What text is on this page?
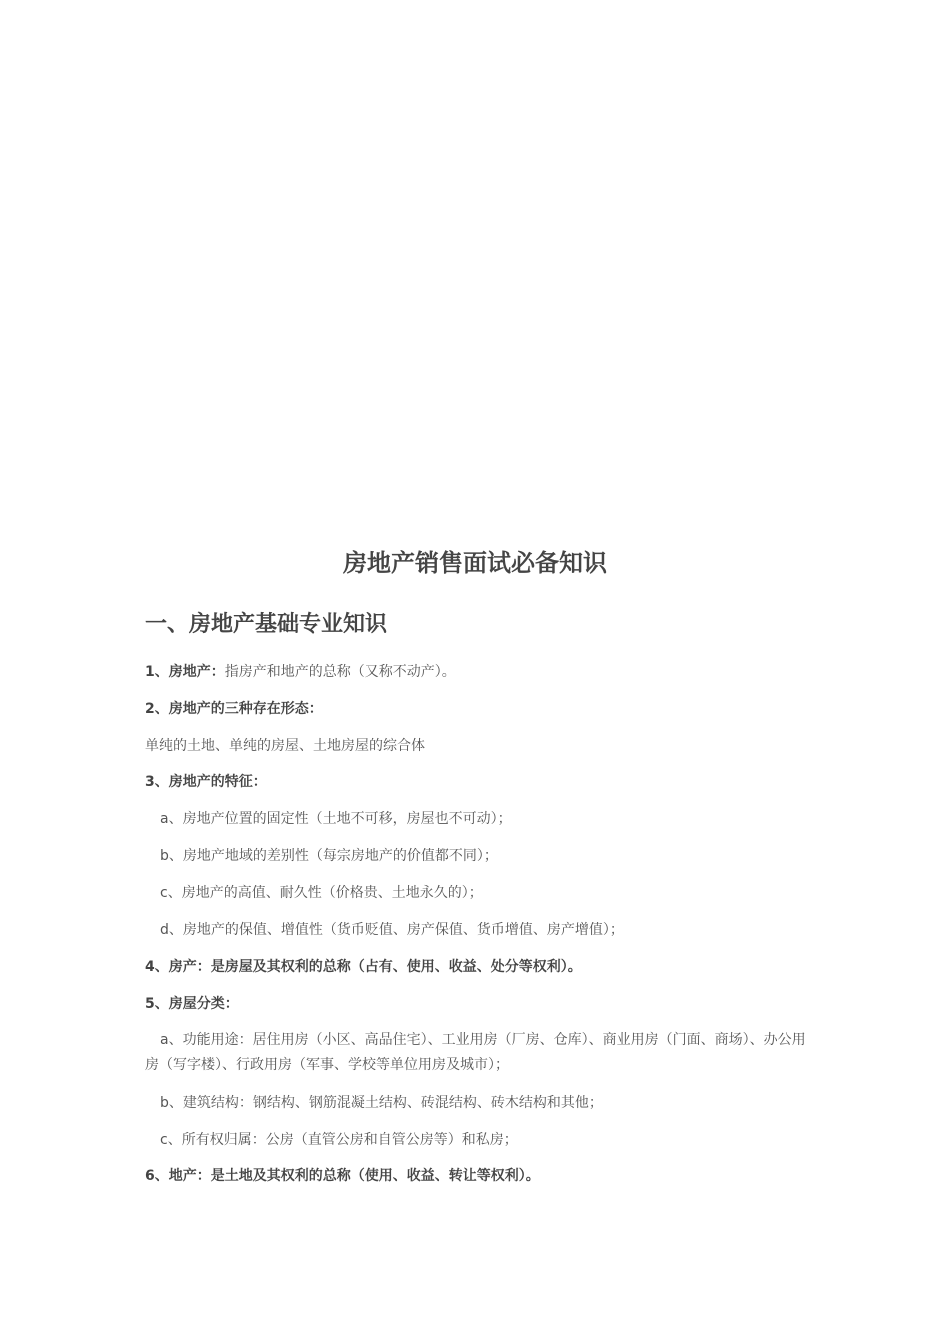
房地产销售面试必备知识
一、房地产基础专业知识

1、房地产：指房产和地产的总称（又称不动产）。

2、房地产的三种存在形态：

单纯的土地、单纯的房屋、土地房屋的综合体

3、房地产的特征：

a、房地产位置的固定性（土地不可移，房屋也不可动）；

b、房地产地域的差别性（每宗房地产的价值都不同）；

c、房地产的高值、耐久性（价格贵、土地永久的）；

d、房地产的保值、增值性（货币贬值、房产保值、货币增值、房产增值）；

4、房产：是房屋及其权利的总称（占有、使用、收益、处分等权利）。

5、房屋分类：

a、功能用途：居住用房（小区、高品住宅）、工业用房（厂房、仓库）、商业用房（门面、商场）、办公用房（写字楼）、行政用房（军事、学校等单位用房及城市）；

b、建筑结构：钢结构、钢筋混凝土结构、砖混结构、砖木结构和其他；

c、所有权归属：公房（直管公房和自管公房等）和私房；

6、地产：是土地及其权利的总称（使用、收益、转让等权利）。
